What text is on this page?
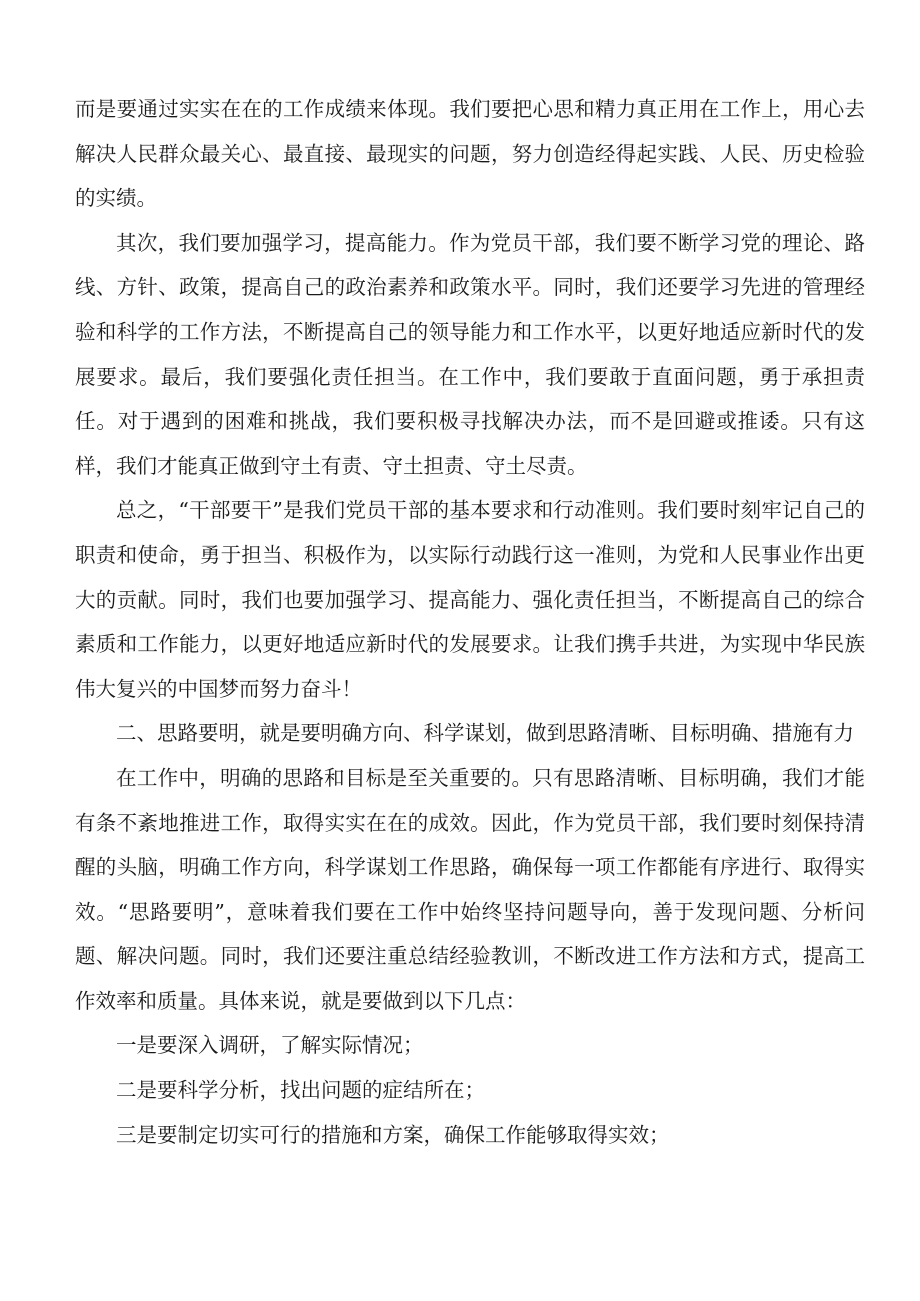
而是要通过实实在在的工作成绩来体现。我们要把心思和精力真正用在工作上，用心去解决人民群众最关心、最直接、最现实的问题，努力创造经得起实践、人民、历史检验的实绩。

其次，我们要加强学习，提高能力。作为党员干部，我们要不断学习党的理论、路线、方针、政策，提高自己的政治素养和政策水平。同时，我们还要学习先进的管理经验和科学的工作方法，不断提高自己的领导能力和工作水平，以更好地适应新时代的发展要求。最后，我们要强化责任担当。在工作中，我们要敢于直面问题，勇于承担责任。对于遇到的困难和挑战，我们要积极寻找解决办法，而不是回避或推诿。只有这样，我们才能真正做到守土有责、守土担责、守土尽责。

总之，“干部要干”是我们党员干部的基本要求和行动准则。我们要时刻牢记自己的职责和使命，勇于担当、积极作为，以实际行动践行这一准则，为党和人民事业作出更大的贡献。同时，我们也要加强学习、提高能力、强化责任担当，不断提高自己的综合素质和工作能力，以更好地适应新时代的发展要求。让我们携手共进，为实现中华民族伟大复兴的中国梦而努力奋斗！

二、思路要明，就是要明确方向、科学谋划，做到思路清晰、目标明确、措施有力

在工作中，明确的思路和目标是至关重要的。只有思路清晰、目标明确，我们才能有条不紊地推进工作，取得实实在在的成效。因此，作为党员干部，我们要时刻保持清醒的头脑，明确工作方向，科学谋划工作思路，确保每一项工作都能有序进行、取得实效。“思路要明”，意味着我们要在工作中始终坚持问题导向，善于发现问题、分析问题、解决问题。同时，我们还要注重总结经验教训，不断改进工作方法和方式，提高工作效率和质量。具体来说，就是要做到以下几点：

一是要深入调研，了解实际情况；

二是要科学分析，找出问题的症结所在；

三是要制定切实可行的措施和方案，确保工作能够取得实效；
